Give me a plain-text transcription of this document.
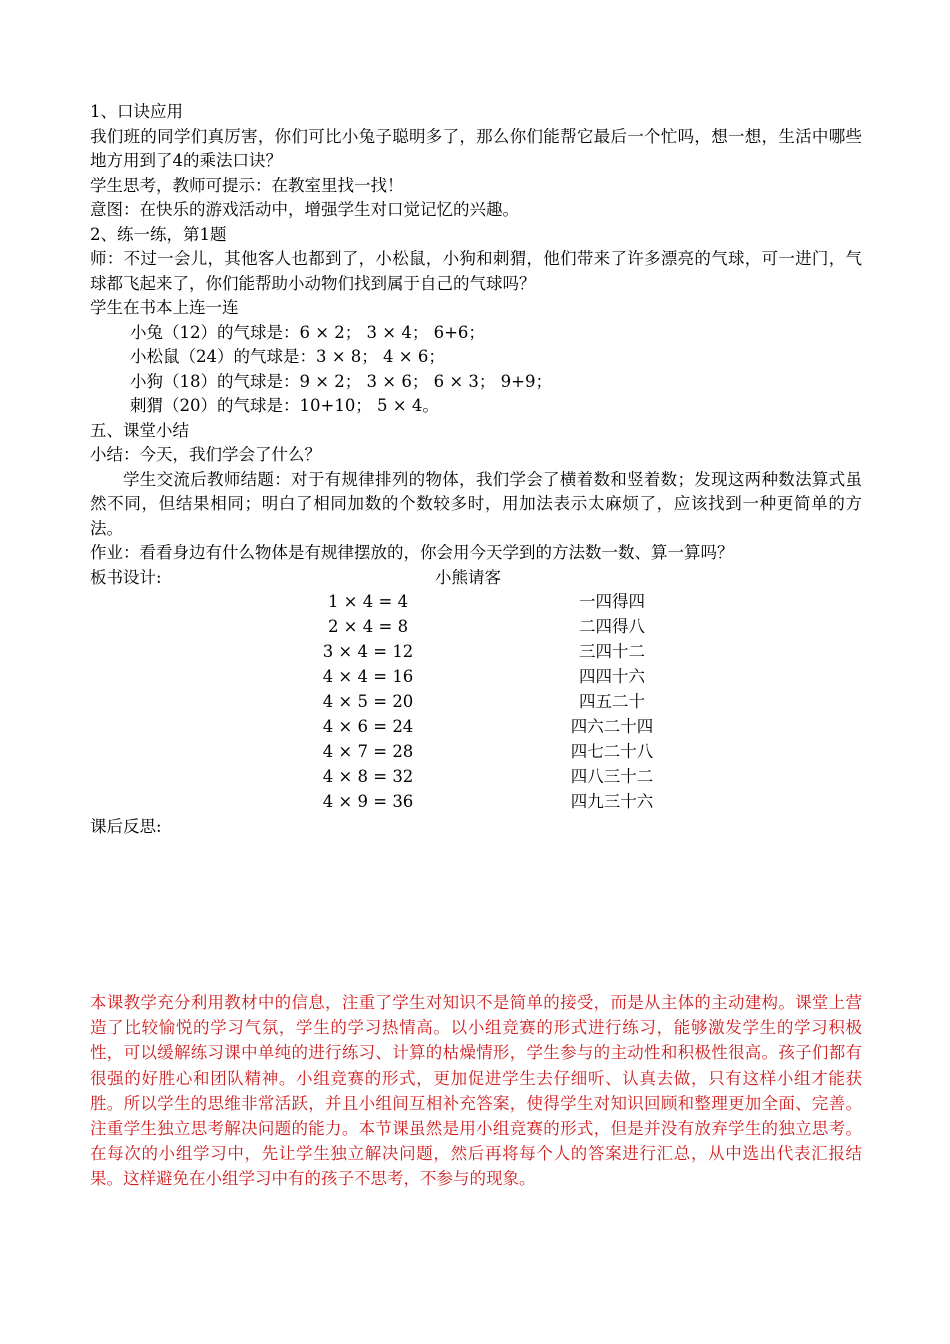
1、口诀应用

我们班的同学们真厉害，你们可比小兔子聪明多了，那么你们能帮它最后一个忙吗，想一想，生活中哪些地方用到了4的乘法口诀？

学生思考，教师可提示：在教室里找一找！

意图：在快乐的游戏活动中，增强学生对口觉记忆的兴趣。

2、练一练，第1题

师：不过一会儿，其他客人也都到了，小松鼠，小狗和刺猬，他们带来了许多漂亮的气球，可一进门，气球都飞起来了，你们能帮助小动物们找到属于自己的气球吗？

学生在书本上连一连

小兔（12）的气球是：6 × 2； 3 × 4； 6+6；

小松鼠（24）的气球是：3 × 8； 4 × 6；

小狗（18）的气球是：9 × 2； 3 × 6； 6 × 3； 9+9；

刺猬（20）的气球是：10+10； 5 × 4。

五、课堂小结

小结：今天，我们学会了什么？

学生交流后教师结题：对于有规律排列的物体，我们学会了横着数和竖着数；发现这两种数法算式虽然不同，但结果相同；明白了相同加数的个数较多时，用加法表示太麻烦了，应该找到一种更简单的方法。

作业：看看身边有什么物体是有规律摆放的，你会用今天学到的方法数一数、算一算吗？

板书设计:	小熊请客
1 × 4 = 4	一四得四
2 × 4 = 8	二四得八
3 × 4 = 12	三四十二
4 × 4 = 16	四四十六
4 × 5 = 20	四五二十
4 × 6 = 24	四六二十四
4 × 7 = 28	四七二十八
4 × 8 = 32	四八三十二
4 × 9 = 36	四九三十六

课后反思:

本课教学充分利用教材中的信息，注重了学生对知识不是简单的接受，而是从主体的主动建构。课堂上营造了比较愉悦的学习气氛，学生的学习热情高。以小组竞赛的形式进行练习，能够激发学生的学习积极性，可以缓解练习课中单纯的进行练习、计算的枯燥情形，学生参与的主动性和积极性很高。孩子们都有很强的好胜心和团队精神。小组竞赛的形式，更加促进学生去仔细听、认真去做，只有这样小组才能获胜。所以学生的思维非常活跃，并且小组间互相补充答案，使得学生对知识回顾和整理更加全面、完善。注重学生独立思考解决问题的能力。本节课虽然是用小组竞赛的形式，但是并没有放弃学生的独立思考。在每次的小组学习中，先让学生独立解决问题，然后再将每个人的答案进行汇总，从中选出代表汇报结果。这样避免在小组学习中有的孩子不思考，不参与的现象。
